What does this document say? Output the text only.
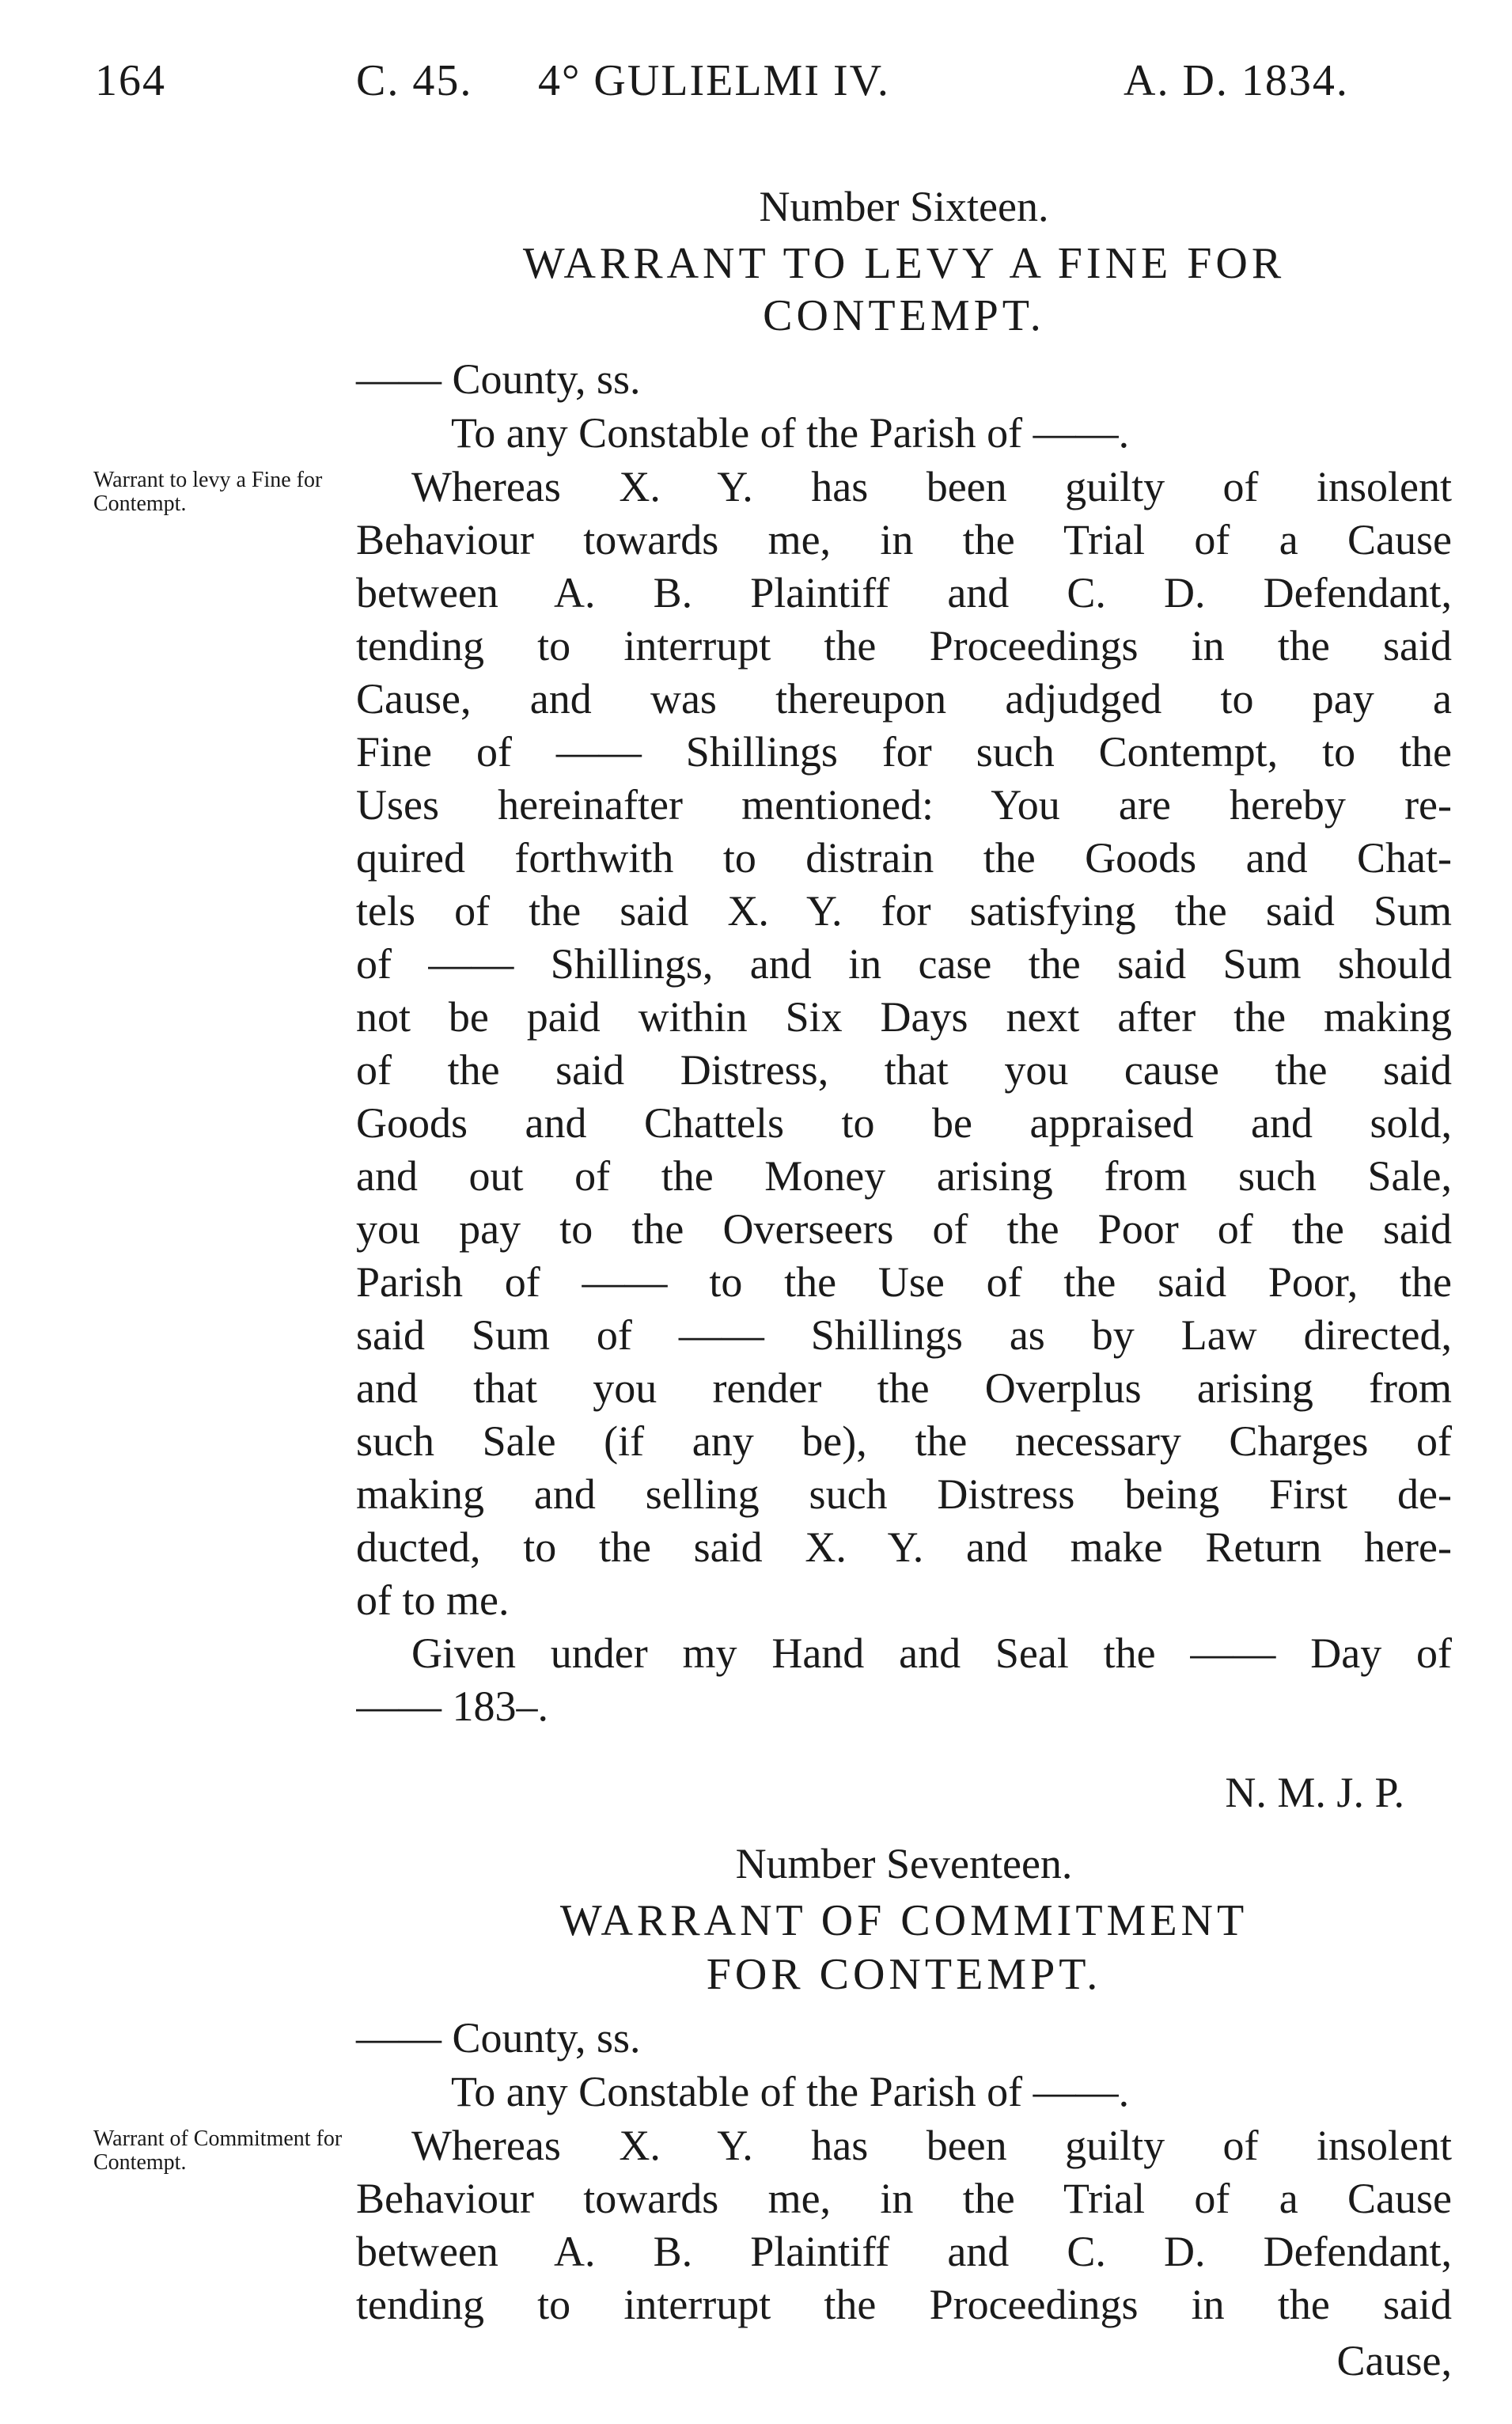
164	C. 45. 4° GULIELMI IV.	A. D. 1834.
Number Sixteen.
WARRANT TO LEVY A FINE FOR
CONTEMPT.
—— County, ss.
To any Constable of the Parish of ——.
Warrant to levy a Fine for Contempt.	Whereas X. Y. has been guilty of insolent
Behaviour towards me, in the Trial of a Cause
between A. B. Plaintiff and C. D. Defendant,
tending to interrupt the Proceedings in the said
Cause, and was thereupon adjudged to pay a
Fine of —— Shillings for such Contempt, to the
Uses hereinafter mentioned: You are hereby re-
quired forthwith to distrain the Goods and Chat-
tels of the said X. Y. for satisfying the said Sum
of —— Shillings, and in case the said Sum should
not be paid within Six Days next after the making
of the said Distress, that you cause the said
Goods and Chattels to be appraised and sold,
and out of the Money arising from such Sale,
you pay to the Overseers of the Poor of the said
Parish of —— to the Use of the said Poor, the
said Sum of —— Shillings as by Law directed,
and that you render the Overplus arising from
such Sale (if any be), the necessary Charges of
making and selling such Distress being First de-
ducted, to the said X. Y. and make Return here-
of to me.
Given under my Hand and Seal the —— Day of
—— 183–.
N. M. J. P.
Number Seventeen.
WARRANT OF COMMITMENT
FOR CONTEMPT.
—— County, ss.
To any Constable of the Parish of ——.
Warrant of Commitment for Contempt.	Whereas X. Y. has been guilty of insolent
Behaviour towards me, in the Trial of a Cause
between A. B. Plaintiff and C. D. Defendant,
tending to interrupt the Proceedings in the said
Cause,
